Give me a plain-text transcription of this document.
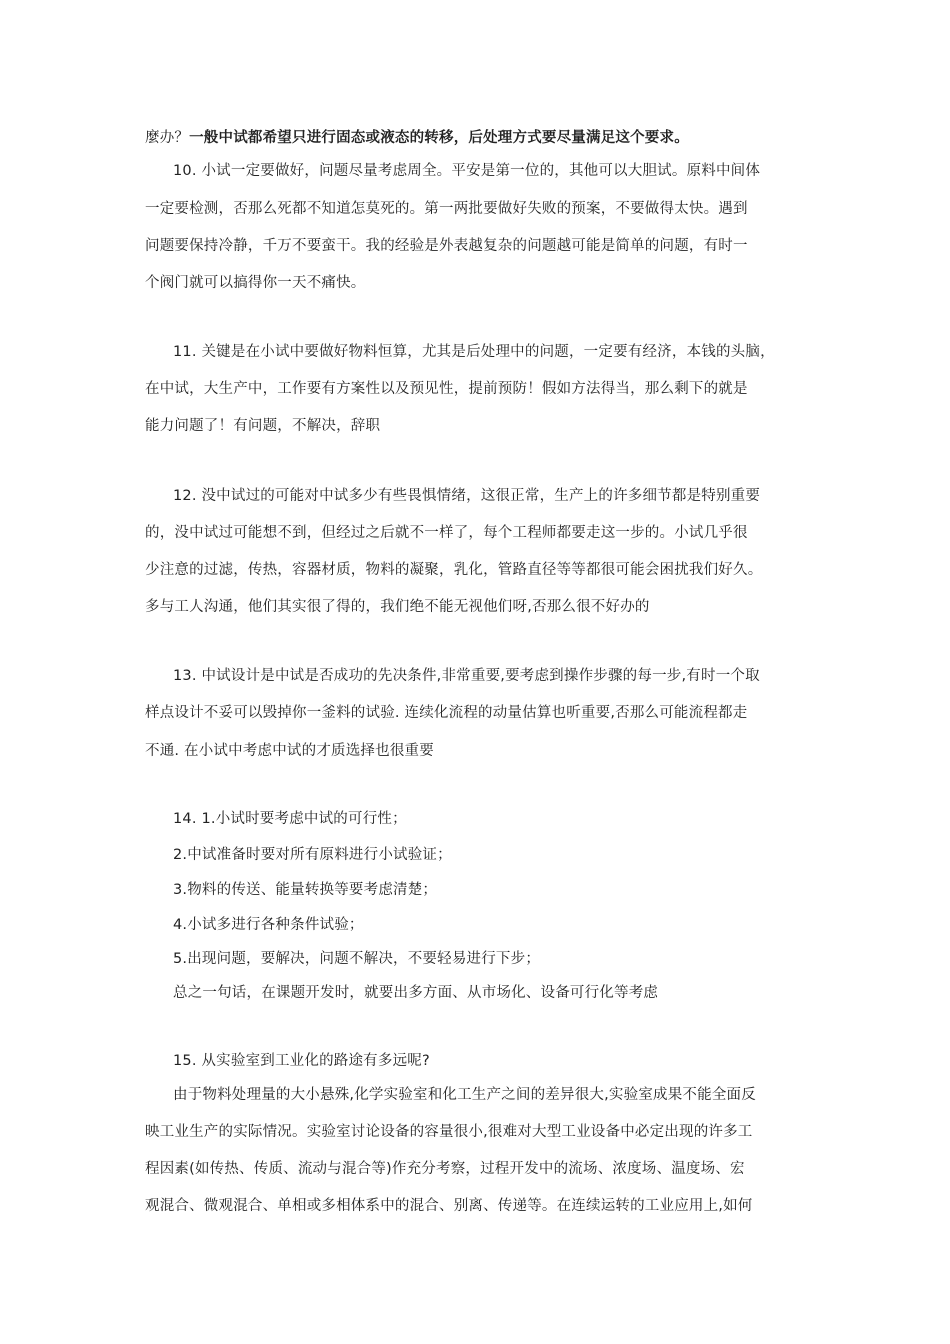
麼办？一般中试都希望只进行固态或液态的转移，后处理方式要尽量满足这个要求。
10. 小试一定要做好，问题尽量考虑周全。平安是第一位的，其他可以大胆试。原料中间体
一定要检测，否那么死都不知道怎莫死的。第一两批要做好失败的预案，不要做得太快。遇到
问题要保持冷静，千万不要蛮干。我的经验是外表越复杂的问题越可能是简单的问题，有时一
个阀门就可以搞得你一天不痛快。
11. 关键是在小试中要做好物料恒算，尤其是后处理中的问题，一定要有经济，本钱的头脑，
在中试，大生产中，工作要有方案性以及预见性，提前预防！假如方法得当，那么剩下的就是
能力问题了！有问题，不解决，辞职
12. 没中试过的可能对中试多少有些畏惧情绪，这很正常，生产上的许多细节都是特别重要
的，没中试过可能想不到，但经过之后就不一样了，每个工程师都要走这一步的。小试几乎很
少注意的过滤，传热，容器材质，物料的凝聚，乳化，管路直径等等都很可能会困扰我们好久。
多与工人沟通，他们其实很了得的，我们绝不能无视他们呀,否那么很不好办的
13. 中试设计是中试是否成功的先决条件,非常重要,要考虑到操作步骤的每一步,有时一个取
样点设计不妥可以毁掉你一釜料的试验. 连续化流程的动量估算也听重要,否那么可能流程都走
不通. 在小试中考虑中试的才质选择也很重要
14. 1.小试时要考虑中试的可行性；
2.中试准备时要对所有原料进行小试验证；
3.物料的传送、能量转换等要考虑清楚；
4.小试多进行各种条件试验；
5.出现问题，要解决，问题不解决，不要轻易进行下步；
总之一句话，在课题开发时，就要出多方面、从市场化、设备可行化等考虑
15. 从实验室到工业化的路途有多远呢?
由于物料处理量的大小悬殊,化学实验室和化工生产之间的差异很大,实验室成果不能全面反
映工业生产的实际情况。实验室讨论设备的容量很小,很难对大型工业设备中必定出现的许多工
程因素(如传热、传质、流动与混合等)作充分考察，过程开发中的流场、浓度场、温度场、宏
观混合、微观混合、单相或多相体系中的混合、别离、传递等。在连续运转的工业应用上,如何
